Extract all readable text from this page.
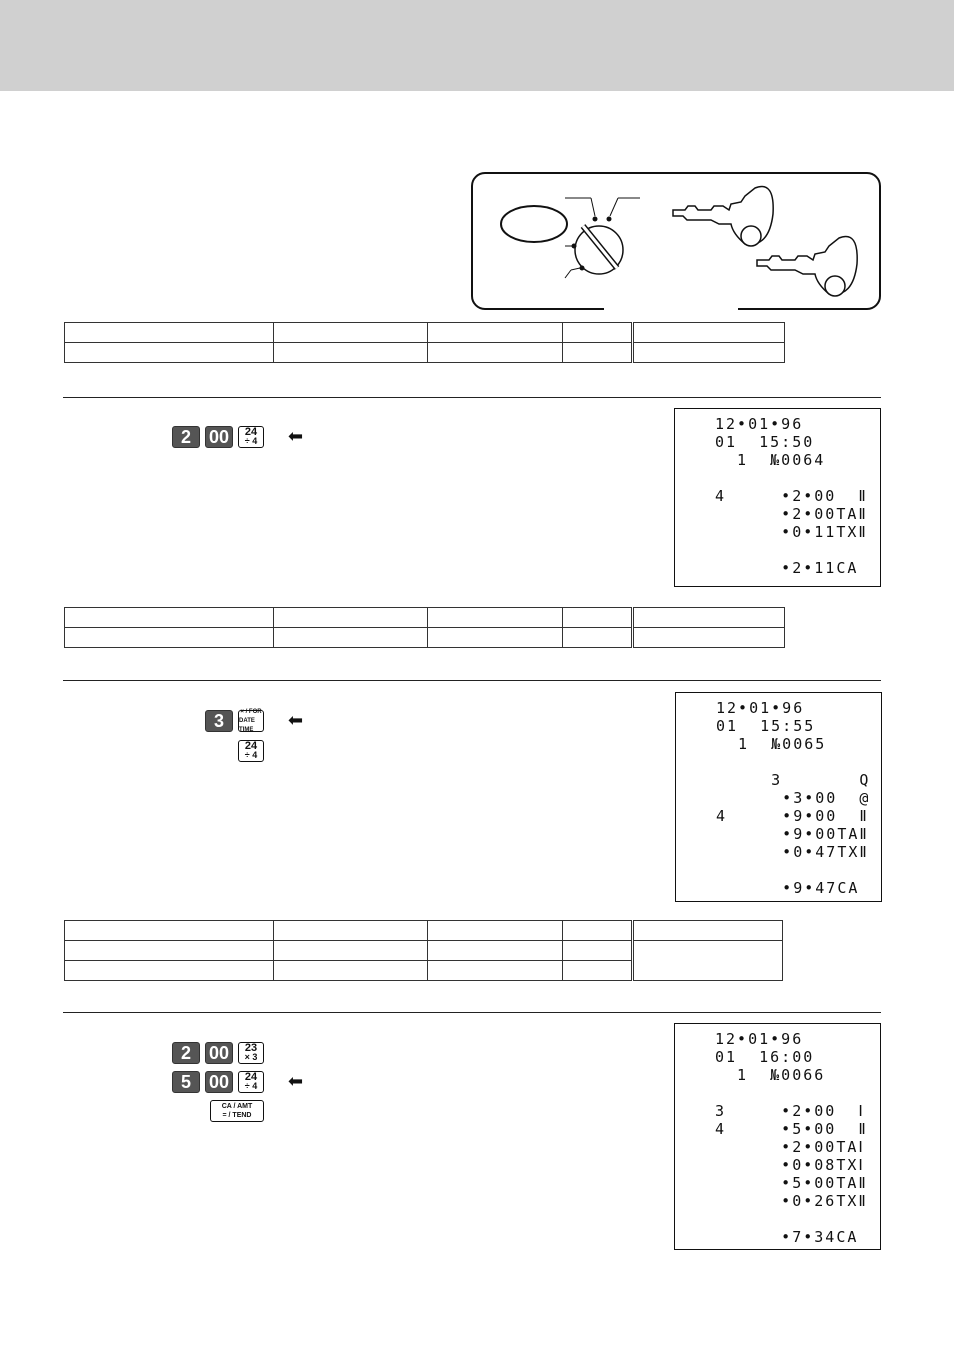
2 00	24
÷ 4 ⬅
12•01•96
01  15:50
1  №0064
4     •2•00  Ⅱ
•2•00TAⅡ
•0•11TXⅡ
•2•11CA

3	× / FOR
DATE TIME	⬅
24
÷ 4
12•01•96
01  15:55
1  №0065
3       Q
•3•00  @
4     •9•00  Ⅱ
•9•00TAⅡ
•0•47TXⅡ
•9•47CA

2 00	23
× 3
5 00	24
÷ 4 ⬅
CA / AMT
= / TEND
12•01•96
01  16:00
1  №0066
3     •2•00  Ⅰ
4     •5•00  Ⅱ
•2•00TAⅠ
•0•08TXⅠ
•5•00TAⅡ
•0•26TXⅡ
•7•34CA
